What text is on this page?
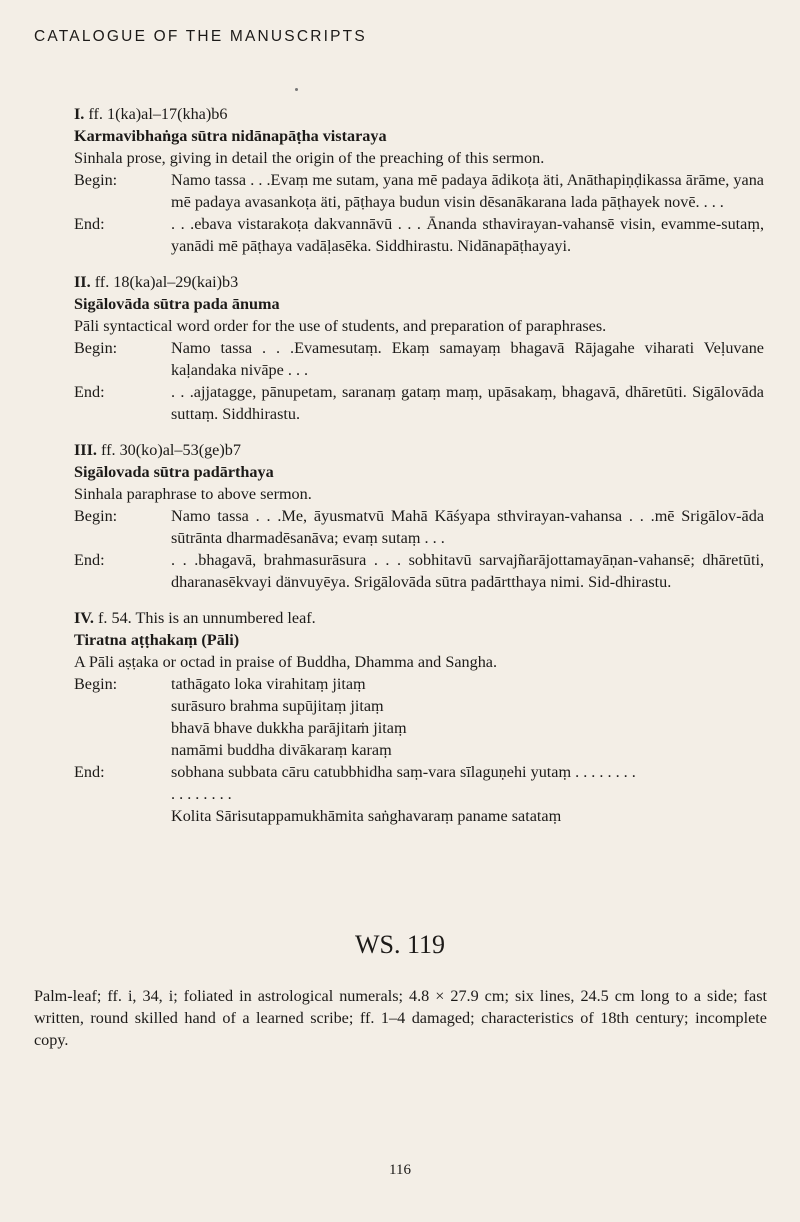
CATALOGUE OF THE MANUSCRIPTS
I. ff. 1(ka)al–17(kha)b6
Karmavibhaṅga sūtra nidānapāṭha vistaraya
Sinhala prose, giving in detail the origin of the preaching of this sermon.
Begin:	Namo tassa . . .Evaṃ me sutam, yana mē padaya ādikoṭa äti, Anāthapiṇḍikassa ārāme, yana mē padaya avasankoṭa äti, pāṭhaya budun visin dēsanākarana lada pāṭhayek novē. . . .
End:	. . .ebava vistarakoṭa dakvannāvū . . . Ānanda sthavirayan-vahansē visin, evamme-sutaṃ, yanādi mē pāṭhaya vadāḷasēka. Siddhirastu. Nidānapāṭhayayi.
II. ff. 18(ka)al–29(kai)b3
Sigālovāda sūtra pada ānuma
Pāli syntactical word order for the use of students, and preparation of paraphrases.
Begin:	Namo tassa . . .Evamesutaṃ. Ekaṃ samayaṃ bhagavā Rājagahe viharati Veḷuvane kaḷandaka nivāpe . . .
End:	. . .ajjatagge, pānupetam, saranaṃ gataṃ maṃ, upāsakaṃ, bhagavā, dhāretūti. Sigālovāda suttaṃ. Siddhirastu.
III. ff. 30(ko)al–53(ge)b7
Sigālovada sūtra padārthaya
Sinhala paraphrase to above sermon.
Begin:	Namo tassa . . .Me, āyusmatvū Mahā Kāśyapa sthvirayan-vahansa . . .mē Srigālov-āda sūtrānta dharmadēsanāva; evaṃ sutaṃ . . .
End:	. . .bhagavā, brahmasurāsura . . . sobhitavū sarvajñarājottamayāṇan-vahansē; dhāretūti, dharanasēkvayi dänvuyēya. Srigālovāda sūtra padārtthaya nimi. Sid-dhirastu.
IV. f. 54. This is an unnumbered leaf.
Tiratna aṭṭhakaṃ (Pāli)
A Pāli aṣṭaka or octad in praise of Buddha, Dhamma and Sangha.
Begin:	tathāgato loka virahitaṃ jitaṃ
surāsuro brahma supūjitaṃ jitaṃ
bhavā bhave dukkha parājitaṁ jitaṃ
namāmi buddha divākaraṃ karaṃ
End:	sobhana subbata cāru catubbhidha saṃ-vara sīlaguṇehi yutaṃ . . . . . . . .
. . . . . . . .
Kolita Sārisutappamukhāmita saṅghavaraṃ paname satataṃ
WS. 119
Palm-leaf; ff. i, 34, i; foliated in astrological numerals; 4.8 × 27.9 cm; six lines, 24.5 cm long to a side; fast written, round skilled hand of a learned scribe; ff. 1–4 damaged; characteristics of 18th century; incomplete copy.
116
